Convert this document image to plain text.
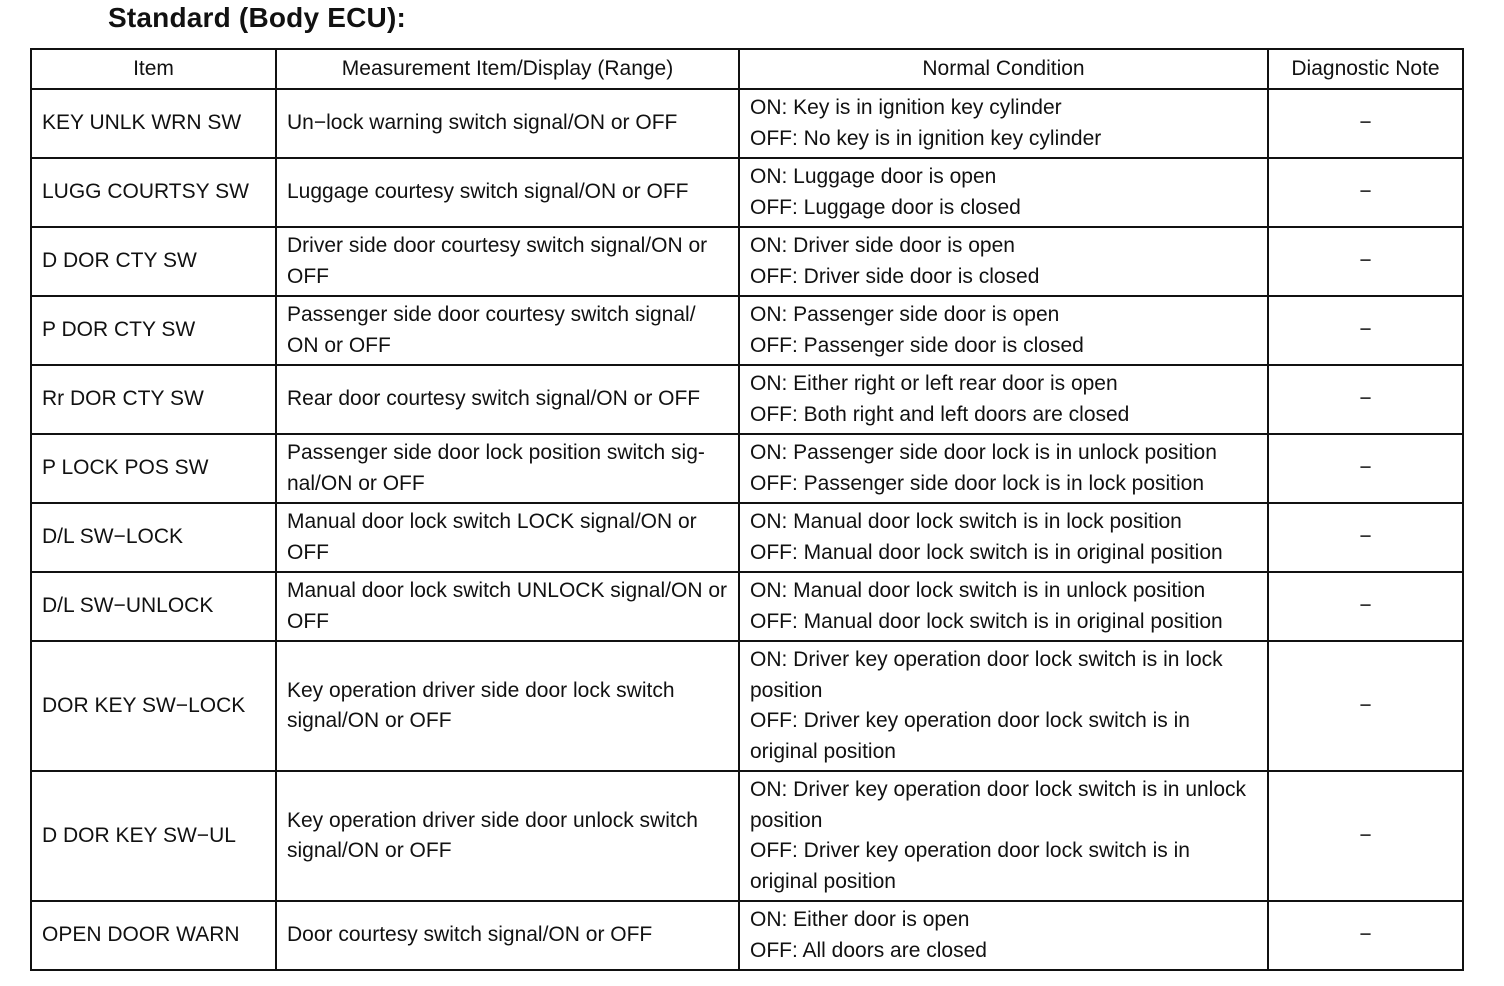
Standard (Body ECU):
Item	Measurement Item/Display (Range)	Normal Condition	Diagnostic Note
KEY UNLK WRN SW	Un−lock warning switch signal/ON or OFF	ON: Key is in ignition key cylinder
OFF: No key is in ignition key cylinder	−
LUGG COURTSY SW	Luggage courtesy switch signal/ON or OFF	ON: Luggage door is open
OFF: Luggage door is closed	−
D DOR CTY SW	Driver side door courtesy switch signal/ON or OFF	ON: Driver side door is open
OFF: Driver side door is closed	−
P DOR CTY SW	Passenger side door courtesy switch signal/ ON or OFF	ON: Passenger side door is open
OFF: Passenger side door is closed	−
Rr DOR CTY SW	Rear door courtesy switch signal/ON or OFF	ON: Either right or left rear door is open
OFF: Both right and left doors are closed	−
P LOCK POS SW	Passenger side door lock position switch signal/ON or OFF	ON: Passenger side door lock is in unlock position
OFF: Passenger side door lock is in lock position	−
D/L SW−LOCK	Manual door lock switch LOCK signal/ON or OFF	ON: Manual door lock switch is in lock position
OFF: Manual door lock switch is in original position	−
D/L SW−UNLOCK	Manual door lock switch UNLOCK signal/ON or OFF	ON: Manual door lock switch is in unlock position
OFF: Manual door lock switch is in original position	−
DOR KEY SW−LOCK	Key operation driver side door lock switch signal/ON or OFF	ON: Driver key operation door lock switch is in lock position
OFF: Driver key operation door lock switch is in original position	−
D DOR KEY SW−UL	Key operation driver side door unlock switch signal/ON or OFF	ON: Driver key operation door lock switch is in unlock position
OFF: Driver key operation door lock switch is in original position	−
OPEN DOOR WARN	Door courtesy switch signal/ON or OFF	ON: Either door is open
OFF: All doors are closed	−
